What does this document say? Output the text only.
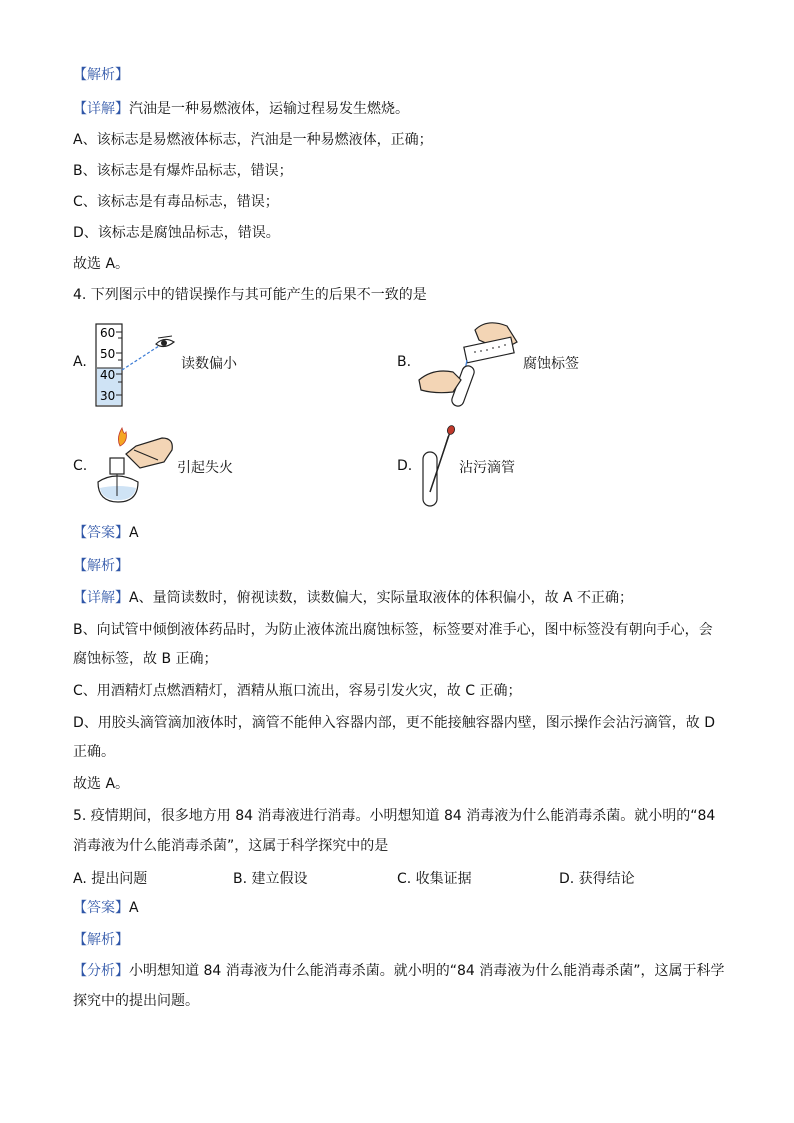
【解析】
【详解】汽油是一种易燃液体，运输过程易发生燃烧。
A、该标志是易燃液体标志，汽油是一种易燃液体，正确；
B、该标志是有爆炸品标志，错误；
C、该标志是有毒品标志，错误；
D、该标志是腐蚀品标志，错误。
故选 A。
4. 下列图示中的错误操作与其可能产生的后果不一致的是
A.
60
50
40
30
读数偏小	B.	腐蚀标签
C.	引起失火	D.	沾污滴管
【答案】A
【解析】
【详解】A、量筒读数时，俯视读数，读数偏大，实际量取液体的体积偏小，故 A 不正确；
B、向试管中倾倒液体药品时，为防止液体流出腐蚀标签，标签要对准手心，图中标签没有朝向手心，会
腐蚀标签，故 B 正确；
C、用酒精灯点燃酒精灯，酒精从瓶口流出，容易引发火灾，故 C 正确；
D、用胶头滴管滴加液体时，滴管不能伸入容器内部，更不能接触容器内壁，图示操作会沾污滴管，故 D
正确。
故选 A。
5. 疫情期间，很多地方用 84 消毒液进行消毒。小明想知道 84 消毒液为什么能消毒杀菌。就小明的“84
消毒液为什么能消毒杀菌”，这属于科学探究中的是
A. 提出问题	B. 建立假设	C. 收集证据	D. 获得结论
【答案】A
【解析】
【分析】小明想知道 84 消毒液为什么能消毒杀菌。就小明的“84 消毒液为什么能消毒杀菌”，这属于科学
探究中的提出问题。
